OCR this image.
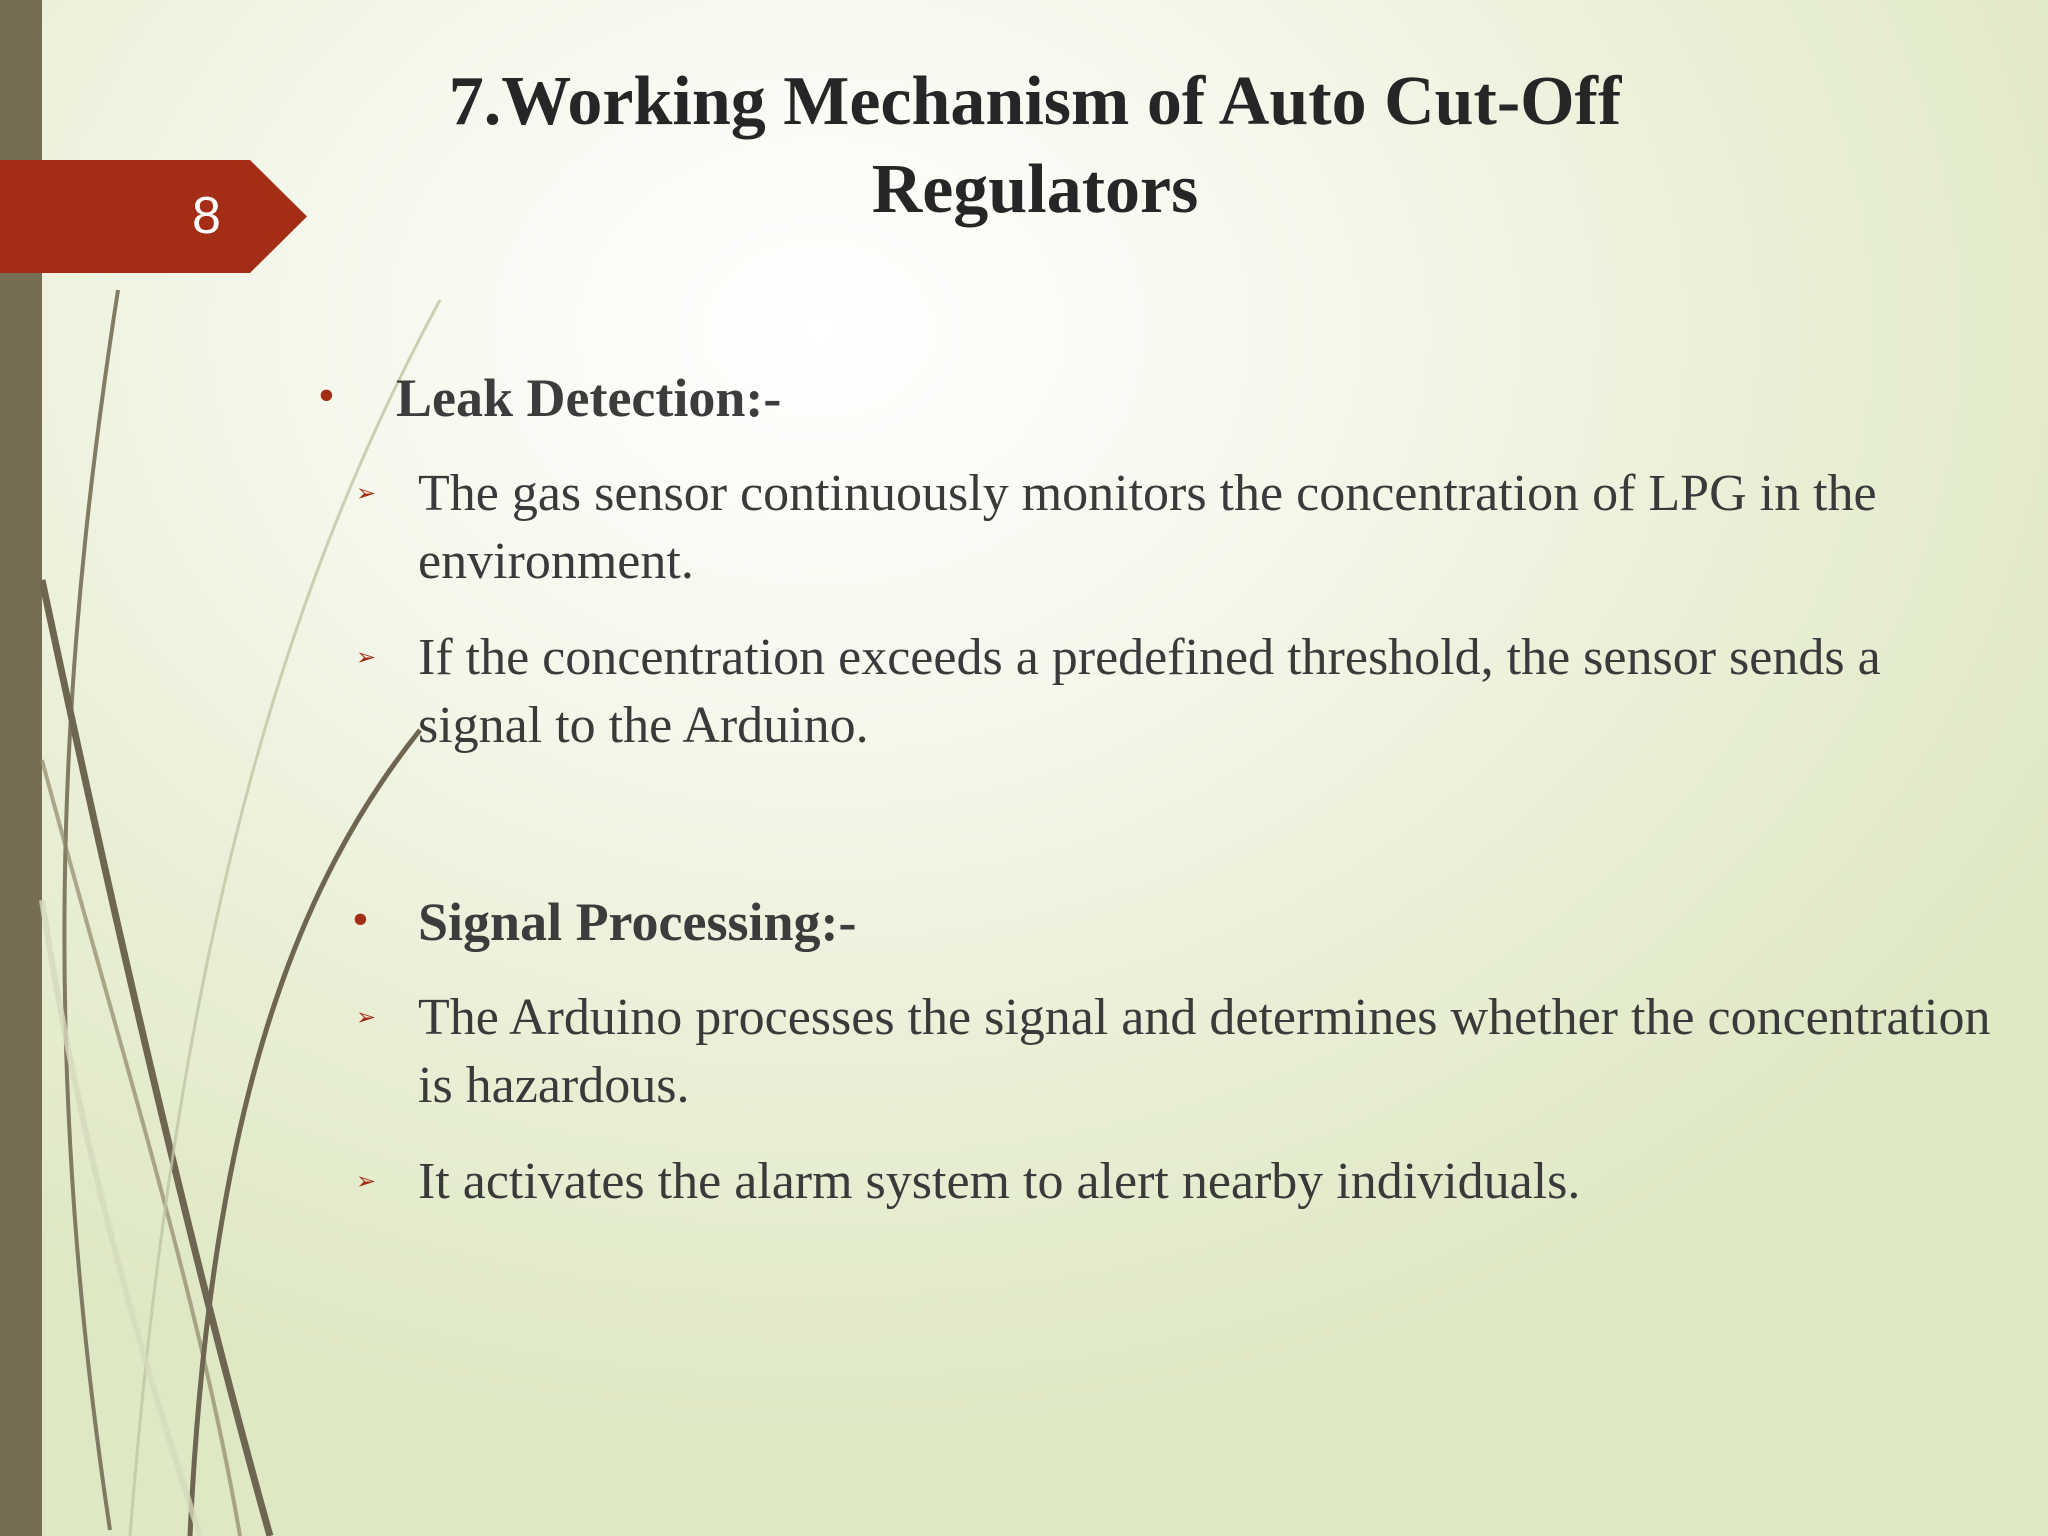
8
7.Working Mechanism of Auto Cut-Off Regulators
• Leak Detection:-
➢ The gas sensor continuously monitors the concentration of LPG in the environment.
➢ If the concentration exceeds a predefined threshold, the sensor sends a signal to the Arduino.
• Signal Processing:-
➢ The Arduino processes the signal and determines whether the concentration is hazardous.
➢ It activates the alarm system to alert nearby individuals.
